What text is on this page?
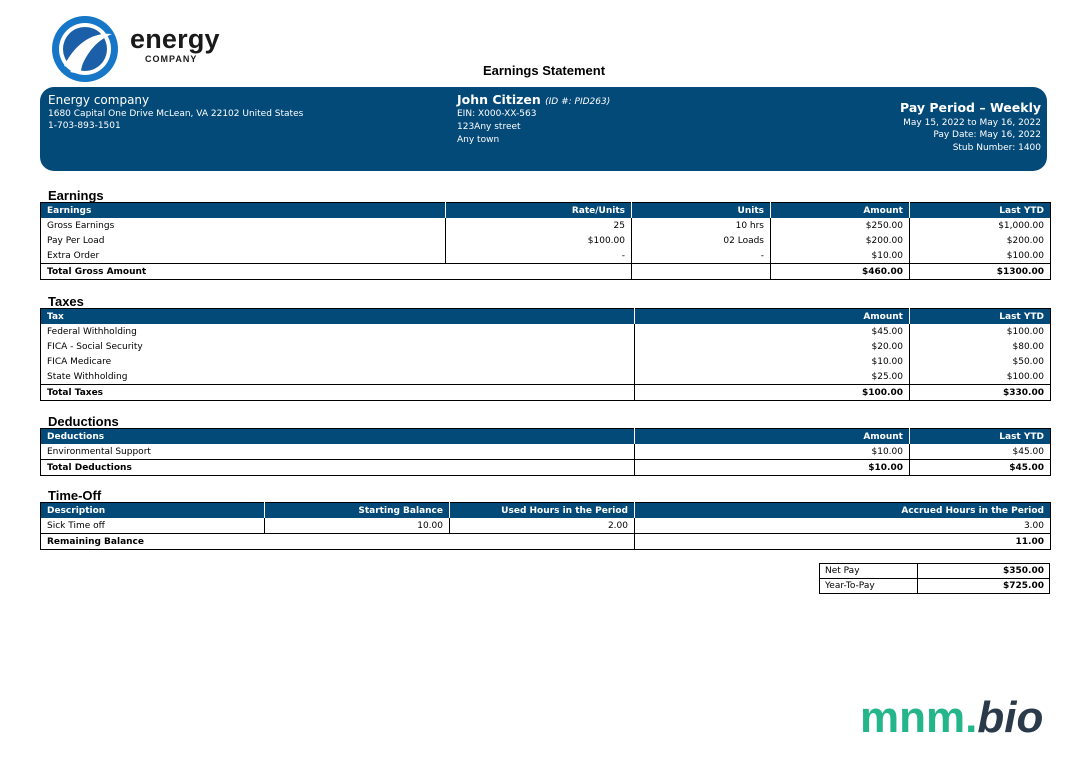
energy
COMPANY
Earnings Statement
Energy company
1680 Capital One Drive McLean, VA 22102 United States
1-703-893-1501
John Citizen (ID #: PID263)
EIN: X000-XX-563
123Any street
Any town
Pay Period – Weekly
May 15, 2022 to May 16, 2022
Pay Date: May 16, 2022
Stub Number: 1400
Earnings
Earnings	Rate/Units	Units	Amount	Last YTD
Gross Earnings	25	10 hrs	$250.00	$1,000.00
Pay Per Load	$100.00	02 Loads	$200.00	$200.00
Extra Order	-	-	$10.00	$100.00
Total Gross Amount			$460.00	$1300.00
Taxes
Tax	Amount	Last YTD
Federal Withholding	$45.00	$100.00
FICA - Social Security	$20.00	$80.00
FICA Medicare	$10.00	$50.00
State Withholding	$25.00	$100.00
Total Taxes	$100.00	$330.00
Deductions
Deductions	Amount	Last YTD
Environmental Support	$10.00	$45.00
Total Deductions	$10.00	$45.00
Time-Off
Description	Starting Balance	Used Hours in the Period	Accrued Hours in the Period
Sick Time off	10.00	2.00	3.00
Remaining Balance			11.00
Net Pay	$350.00
Year-To-Pay	$725.00
mnm.bio
